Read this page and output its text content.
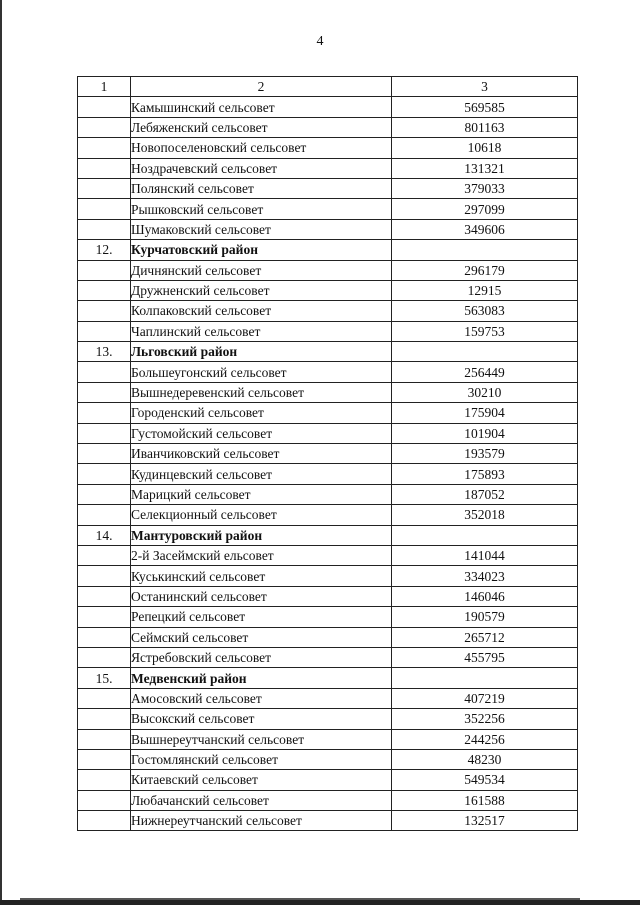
4
1	2	3
	Камышинский сельсовет	569585
	Лебяженский сельсовет	801163
	Новопоселеновский сельсовет	10618
	Ноздрачевский сельсовет	131321
	Полянский сельсовет	379033
	Рышковский сельсовет	297099
	Шумаковский сельсовет	349606
12.	Курчатовский район	
	Дичнянский сельсовет	296179
	Дружненский сельсовет	12915
	Колпаковский сельсовет	563083
	Чаплинский сельсовет	159753
13.	Льговский район	
	Большеугонский сельсовет	256449
	Вышнедеревенский сельсовет	30210
	Городенский сельсовет	175904
	Густомойский сельсовет	101904
	Иванчиковский сельсовет	193579
	Кудинцевский сельсовет	175893
	Марицкий сельсовет	187052
	Селекционный сельсовет	352018
14.	Мантуровский район	
	2-й Засеймский ельсовет	141044
	Куськинский сельсовет	334023
	Останинский сельсовет	146046
	Репецкий сельсовет	190579
	Сеймский сельсовет	265712
	Ястребовский сельсовет	455795
15.	Медвенский район	
	Амосовский сельсовет	407219
	Высокский сельсовет	352256
	Вышнереутчанский сельсовет	244256
	Гостомлянский сельсовет	48230
	Китаевский сельсовет	549534
	Любачанский сельсовет	161588
	Нижнереутчанский сельсовет	132517
